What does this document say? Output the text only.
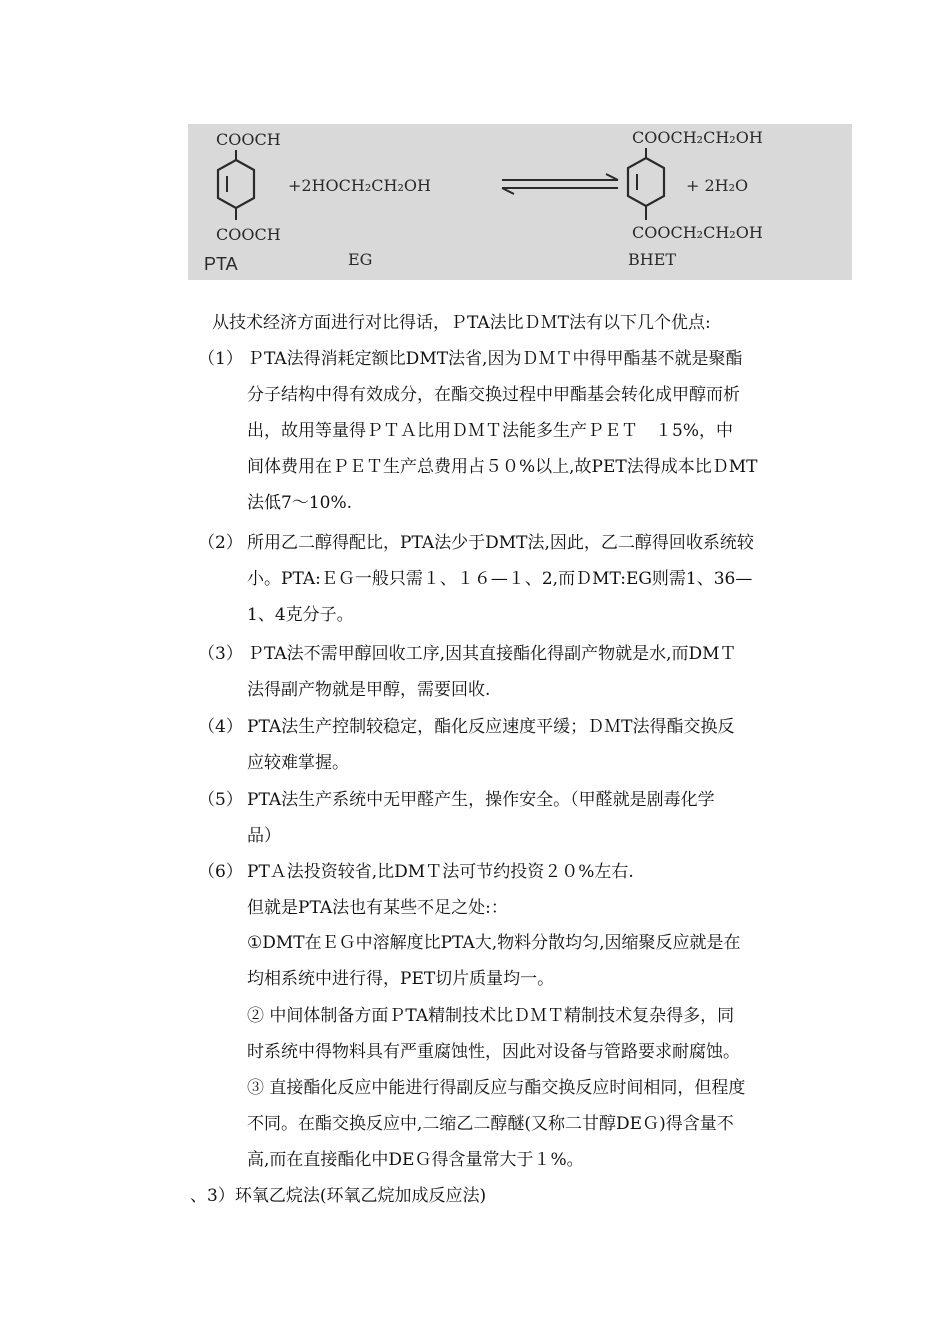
COOCH
COOCH
+2HOCH₂CH₂OH
COOCH₂CH₂OH
COOCH₂CH₂OH
+ 2H₂O
PTA	EG	BHET
从技术经济方面进行对比得话，ＰTA法比ＤＭT法有以下几个优点:
（1） ＰTA法得消耗定额比DMT法省,因为ＤＭＴ中得甲酯基不就是聚酯
分子结构中得有效成分，在酯交换过程中甲酯基会转化成甲醇而析
出，故用等量得ＰＴＡ比用ＤＭＴ法能多生产ＰＥＴ　１5%，中
间体费用在ＰＥＴ生产总费用占５０%以上,故PET法得成本比ＤMT
法低7～10%.
（2） 所用乙二醇得配比，PTA法少于DMT法,因此，乙二醇得回收系统较
小。PTA:ＥＧ一般只需１、１６—１、2,而ＤMT:EG则需1、36—
1、4克分子。
（3） ＰTA法不需甲醇回收工序,因其直接酯化得副产物就是水,而DMＴ
法得副产物就是甲醇，需要回收.
（4） PTA法生产控制较稳定，酯化反应速度平缓；ＤＭT法得酯交换反
应较难掌握。
（5） PTA法生产系统中无甲醛产生，操作安全。（甲醛就是剧毒化学
品）
（6） PTＡ法投资较省,比DMＴ法可节约投资２０%左右.
但就是PTA法也有某些不足之处:：
①DMT在ＥＧ中溶解度比PTA大,物料分散均匀,因缩聚反应就是在
均相系统中进行得，PET切片质量均一。
② 中间体制备方面ＰTA精制技术比ＤＭＴ精制技术复杂得多，同
时系统中得物料具有严重腐蚀性，因此对设备与管路要求耐腐蚀。
③ 直接酯化反应中能进行得副反应与酯交换反应时间相同，但程度
不同。在酯交换反应中,二缩乙二醇醚(又称二甘醇DEＧ)得含量不
高,而在直接酯化中DEＧ得含量常大于１%。
、3）环氧乙烷法(环氧乙烷加成反应法)
